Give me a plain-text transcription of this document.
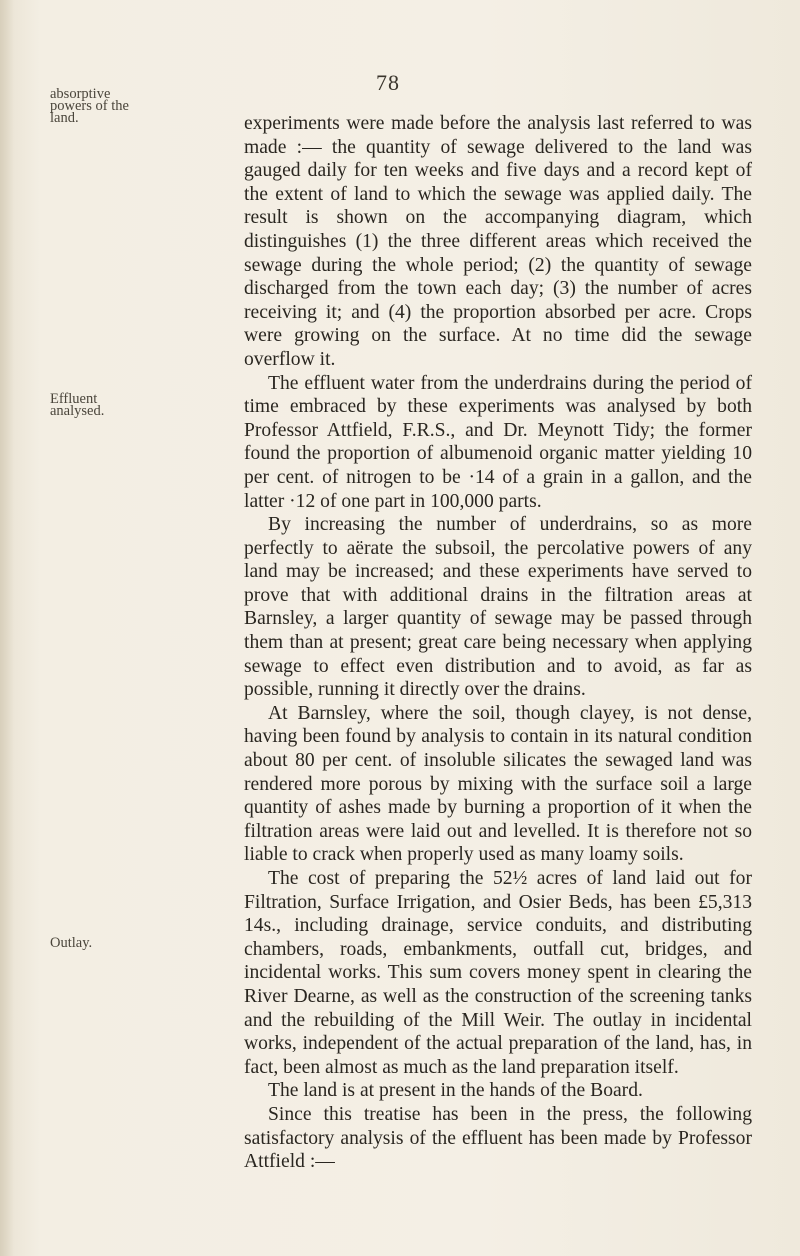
78
absorptive powers of the land.
Effluent analysed.
Outlay.

experiments were made before the analysis last referred to was made :— the quantity of sewage delivered to the land was gauged daily for ten weeks and five days and a record kept of the extent of land to which the sewage was applied daily. The result is shown on the accompanying diagram, which distinguishes (1) the three different areas which received the sewage during the whole period; (2) the quantity of sewage discharged from the town each day; (3) the number of acres receiving it; and (4) the proportion absorbed per acre. Crops were growing on the surface. At no time did the sewage overflow it.

The effluent water from the underdrains during the period of time embraced by these experiments was analysed by both Professor Attfield, F.R.S., and Dr. Meynott Tidy; the former found the proportion of albumenoid organic matter yielding 10 per cent. of nitrogen to be ·14 of a grain in a gallon, and the latter ·12 of one part in 100,000 parts.

By increasing the number of underdrains, so as more perfectly to aërate the subsoil, the percolative powers of any land may be increased; and these experiments have served to prove that with additional drains in the filtration areas at Barnsley, a larger quantity of sewage may be passed through them than at present; great care being necessary when applying sewage to effect even distribution and to avoid, as far as possible, running it directly over the drains.

At Barnsley, where the soil, though clayey, is not dense, having been found by analysis to contain in its natural condition about 80 per cent. of insoluble silicates the sewaged land was rendered more porous by mixing with the surface soil a large quantity of ashes made by burning a proportion of it when the filtration areas were laid out and levelled. It is therefore not so liable to crack when properly used as many loamy soils.

The cost of preparing the 52½ acres of land laid out for Filtration, Surface Irrigation, and Osier Beds, has been £5,313 14s., including drainage, service conduits, and distributing chambers, roads, embankments, outfall cut, bridges, and incidental works. This sum covers money spent in clearing the River Dearne, as well as the construction of the screening tanks and the rebuilding of the Mill Weir. The outlay in incidental works, independent of the actual preparation of the land, has, in fact, been almost as much as the land preparation itself.

The land is at present in the hands of the Board.

Since this treatise has been in the press, the following satisfactory analysis of the effluent has been made by Professor Attfield :—
